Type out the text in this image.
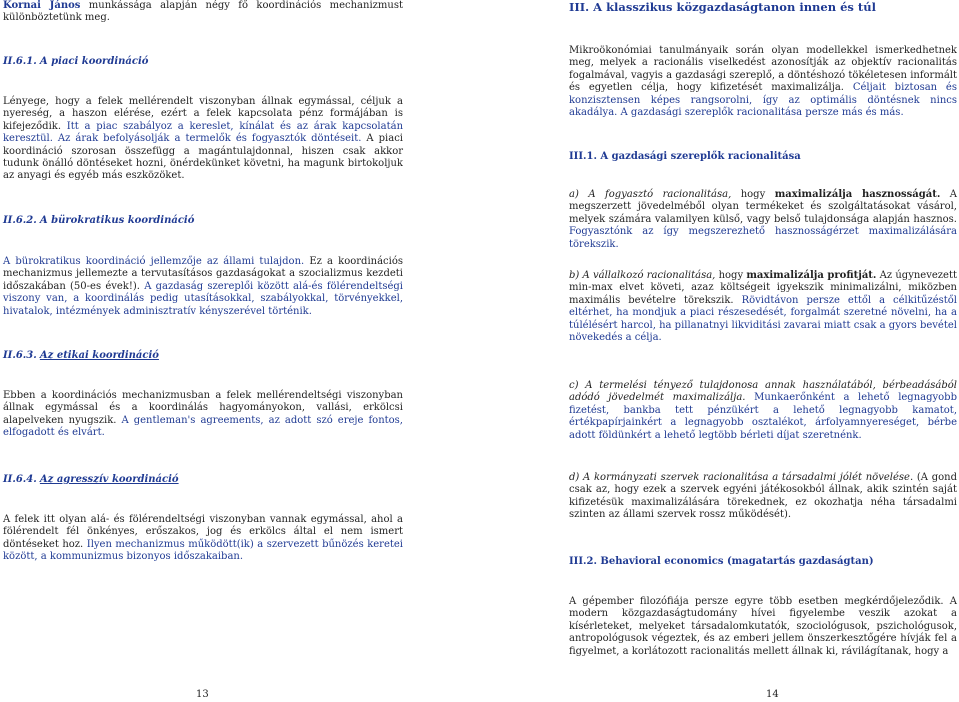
Kornai János munkássága alapján négy fő koordinációs mechanizmust különböztetünk meg.

II.6.1. A piaci koordináció

Lényege, hogy a felek mellérendelt viszonyban állnak egymással, céljuk a nyereség, a haszon elérése, ezért a felek kapcsolata pénz formájában is kifejeződik. Itt a piac szabályoz a kereslet, kínálat és az árak kapcsolatán keresztül. Az árak befolyásolják a termelők és fogyasztók döntéseit. A piaci koordináció szorosan összefügg a magántulajdonnal, hiszen csak akkor tudunk önálló döntéseket hozni, önérdekünket követni, ha magunk birtokoljuk az anyagi és egyéb más eszközöket.

II.6.2. A bürokratikus koordináció

A bürokratikus koordináció jellemzője az állami tulajdon. Ez a koordinációs mechanizmus jellemezte a tervutasításos gazdaságokat a szocializmus kezdeti időszakában (50-es évek!). A gazdaság szereplői között alá-és fölérendeltségi viszony van, a koordinálás pedig utasításokkal, szabályokkal, törvényekkel, hivatalok, intézmények adminisztratív kényszerével történik.

II.6.3. Az etikai koordináció

Ebben a koordinációs mechanizmusban a felek mellérendeltségi viszonyban állnak egymással és a koordinálás hagyományokon, vallási, erkölcsi alapelveken nyugszik. A gentleman's agreements, az adott szó ereje fontos, elfogadott és elvárt.

II.6.4. Az agresszív koordináció

A felek itt olyan alá- és fölérendeltségi viszonyban vannak egymással, ahol a fölérendelt fél önkényes, erőszakos, jog és erkölcs által el nem ismert döntéseket hoz. Ilyen mechanizmus működött(ik) a szervezett bűnözés keretei között, a kommunizmus bizonyos időszakaiban.

13

III. A klasszikus közgazdaságtanon innen és túl

Mikroökonómiai tanulmányaik során olyan modellekkel ismerkedhetnek meg, melyek a racionális viselkedést azonosítják az objektív racionalitás fogalmával, vagyis a gazdasági szereplő, a döntéshozó tökéletesen informált és egyetlen célja, hogy kifizetését maximalizálja. Céljait biztosan és konzisztensen képes rangsorolni, így az optimális döntésnek nincs akadálya. A gazdasági szereplők racionalitása persze más és más.

III.1. A gazdasági szereplők racionalitása

a) A fogyasztó racionalitása, hogy maximalizálja hasznosságát. A megszerzett jövedelméből olyan termékeket és szolgáltatásokat vásárol, melyek számára valamilyen külső, vagy belső tulajdonsága alapján hasznos. Fogyasztónk az így megszerezhető hasznosságérzet maximalizálására törekszik.

b) A vállalkozó racionalitása, hogy maximalizálja profitját. Az úgynevezett min-max elvet követi, azaz költségeit igyekszik minimalizálni, miközben maximális bevételre törekszik. Rövidtávon persze ettől a célkitűzéstől eltérhet, ha mondjuk a piaci részesedését, forgalmát szeretné növelni, ha a túlélésért harcol, ha pillanatnyi likviditási zavarai miatt csak a gyors bevétel növekedés a célja.

c) A termelési tényező tulajdonosa annak használatából, bérbeadásából adódó jövedelmét maximalizálja. Munkaerőnként a lehető legnagyobb fizetést, bankba tett pénzükért a lehető legnagyobb kamatot, értékpapírjainkért a legnagyobb osztalékot, árfolyamnyereséget, bérbe adott földünkért a lehető legtöbb bérleti díjat szeretnénk.

d) A kormányzati szervek racionalitása a társadalmi jólét növelése. (A gond csak az, hogy ezek a szervek egyéni játékosokból állnak, akik szintén saját kifizetésük maximalizálására törekednek, ez okozhatja néha társadalmi szinten az állami szervek rossz működését).

III.2. Behavioral economics (magatartás gazdaságtan)

A gépember filozófiája persze egyre több esetben megkérdőjeleződik. A modern közgazdaságtudomány hívei figyelembe veszik azokat a kísérleteket, melyeket társadalomkutatók, szociológusok, pszichológusok, antropológusok végeztek, és az emberi jellem önszerkesztőgére hívják fel a figyelmet, a korlátozott racionalitás mellett állnak ki, rávilágítanak, hogy a

14
